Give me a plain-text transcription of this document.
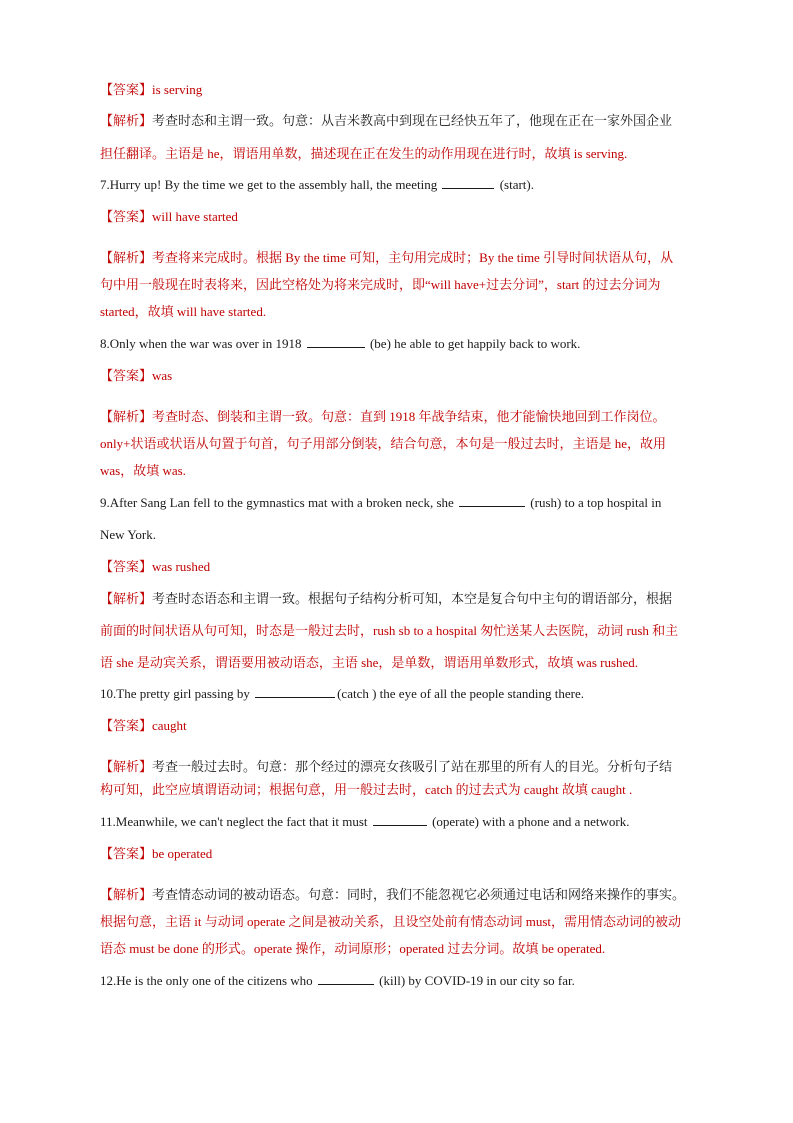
【答案】is serving
【解析】考查时态和主谓一致。句意：从吉米教高中到现在已经快五年了，他现在正在一家外国企业
担任翻译。主语是 he，谓语用单数，描述现在正在发生的动作用现在进行时，故填 is serving.
7.Hurry up! By the time we get to the assembly hall, the meeting	(start).
【答案】will have started
【解析】考查将来完成时。根据 By the time 可知，主句用完成时；By the time 引导时间状语从句，从
句中用一般现在时表将来，因此空格处为将来完成时，即“will have+过去分词”，start 的过去分词为
started，故填 will have started.
8.Only when the war was over in 1918	(be) he able to get happily back to work.
【答案】was
【解析】考查时态、倒装和主谓一致。句意：直到 1918 年战争结束，他才能愉快地回到工作岗位。
only+状语或状语从句置于句首，句子用部分倒装，结合句意，本句是一般过去时，主语是 he，故用
was，故填 was.
9.After Sang Lan fell to the gymnastics mat with a broken neck, she	(rush) to a top hospital in
New York.
【答案】was rushed
【解析】考查时态语态和主谓一致。根据句子结构分析可知，本空是复合句中主句的谓语部分，根据
前面的时间状语从句可知，时态是一般过去时，rush sb to a hospital 匆忙送某人去医院，动词 rush 和主
语 she 是动宾关系，谓语要用被动语态，主语 she，是单数，谓语用单数形式，故填 was rushed.
10.The pretty girl passing by	(catch ) the eye of all the people standing there.
【答案】caught
【解析】考查一般过去时。句意：那个经过的漂亮女孩吸引了站在那里的所有人的目光。分析句子结
构可知，此空应填谓语动词；根据句意，用一般过去时，catch 的过去式为 caught 故填 caught .
11.Meanwhile, we can't neglect the fact that it must	(operate) with a phone and a network.
【答案】be operated
【解析】考查情态动词的被动语态。句意：同时，我们不能忽视它必须通过电话和网络来操作的事实。
根据句意，主语 it 与动词 operate 之间是被动关系，且设空处前有情态动词 must，需用情态动词的被动
语态 must be done 的形式。operate 操作，动词原形；operated 过去分词。故填 be operated.
12.He is the only one of the citizens who	(kill) by COVID-19 in our city so far.
